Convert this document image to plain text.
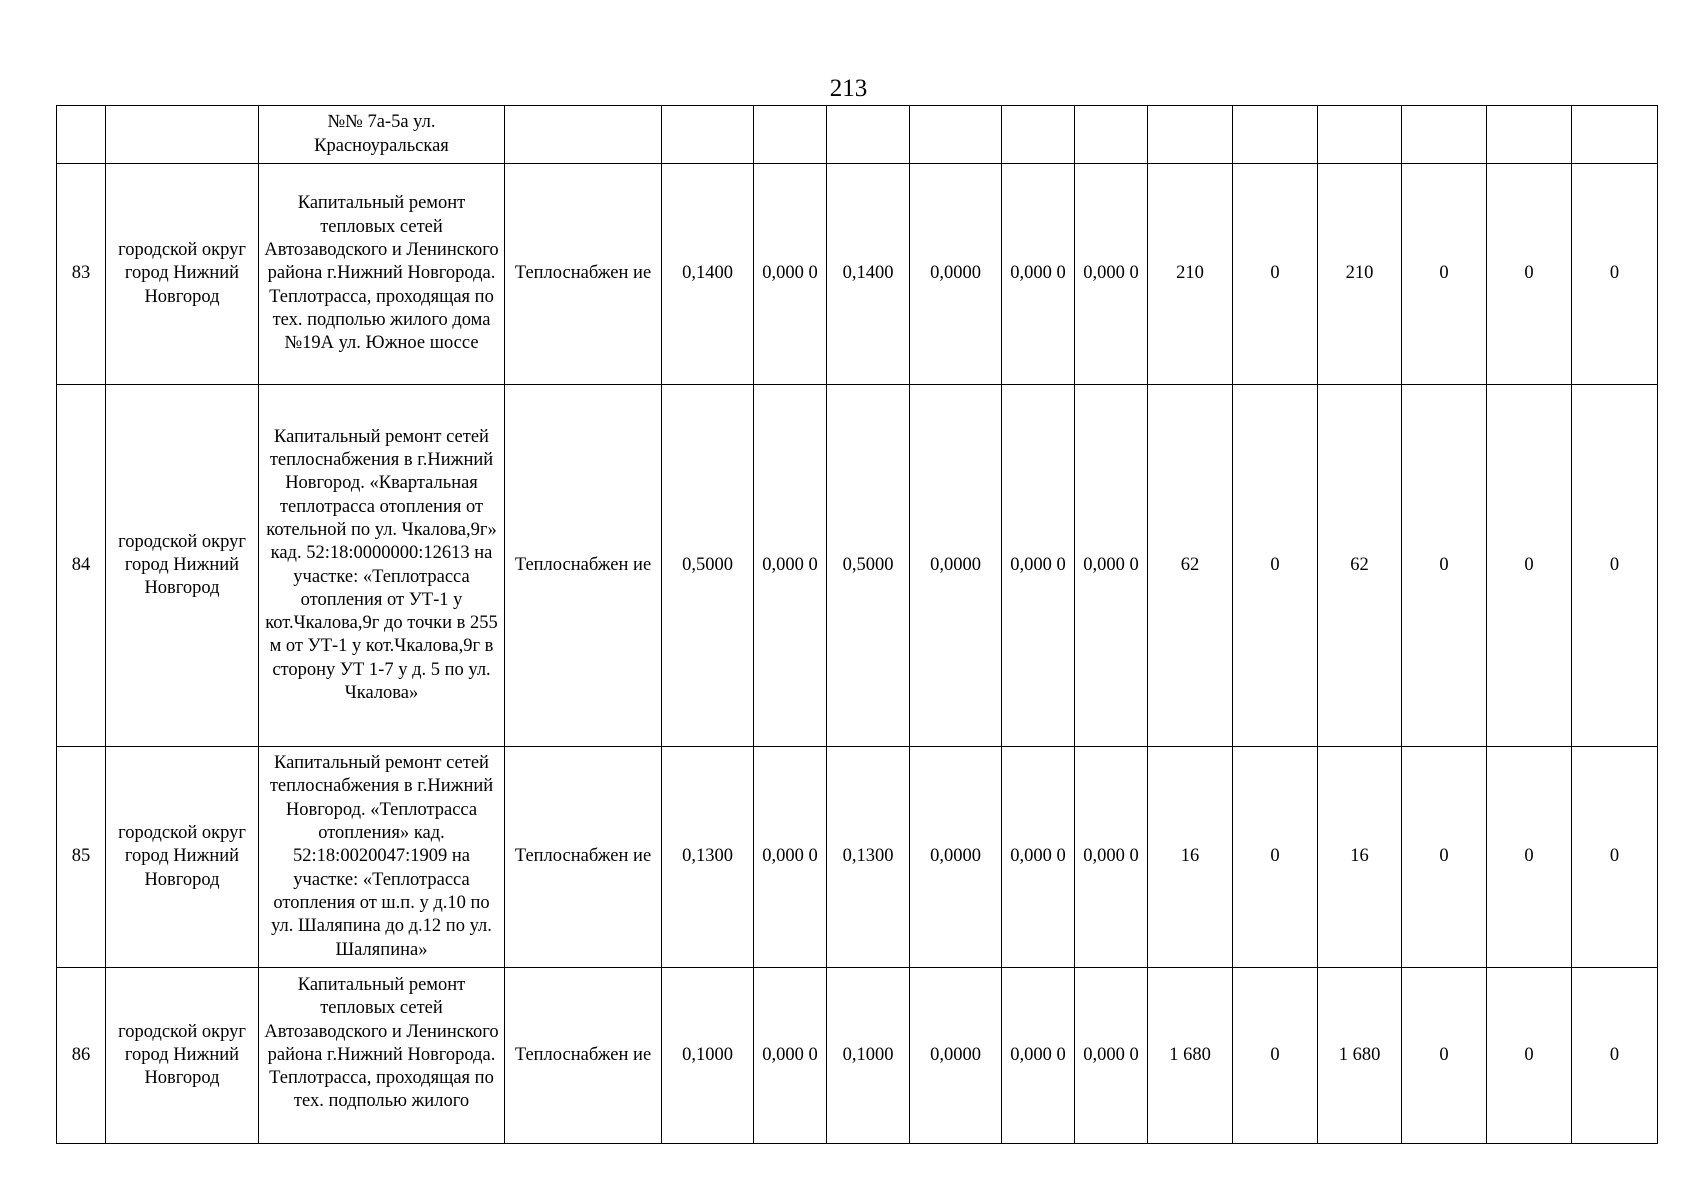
213
		№№ 7а-5а ул. Красноуральская													
83	городской округ город Нижний Новгород	Капитальный ремонт тепловых сетей Автозаводского и Ленинского района г.Нижний Новгорода. Теплотрасса, проходящая по тех. подполью жилого дома №19А ул. Южное шоссе	Теплоснабжен ие	0,1400	0,000 0	0,1400	0,0000	0,000 0	0,000 0	210	0	210	0	0	0
84	городской округ город Нижний Новгород	Капитальный ремонт сетей теплоснабжения в г.Нижний Новгород. «Квартальная теплотрасса отопления от котельной по ул. Чкалова,9г» кад. 52:18:0000000:12613 на участке: «Теплотрасса отопления от УТ-1 у кот.Чкалова,9г до точки в 255 м от УТ-1 у кот.Чкалова,9г в сторону УТ 1-7 у д. 5 по ул. Чкалова»	Теплоснабжен ие	0,5000	0,000 0	0,5000	0,0000	0,000 0	0,000 0	62	0	62	0	0	0
85	городской округ город Нижний Новгород	Капитальный ремонт сетей теплоснабжения в г.Нижний Новгород. «Теплотрасса отопления» кад. 52:18:0020047:1909 на участке: «Теплотрасса отопления от ш.п. у д.10 по ул. Шаляпина до д.12 по ул. Шаляпина»	Теплоснабжен ие	0,1300	0,000 0	0,1300	0,0000	0,000 0	0,000 0	16	0	16	0	0	0
86	городской округ город Нижний Новгород	Капитальный ремонт тепловых сетей Автозаводского и Ленинского района г.Нижний Новгорода. Теплотрасса, проходящая по тех. подполью жилого	Теплоснабжен ие	0,1000	0,000 0	0,1000	0,0000	0,000 0	0,000 0	1 680	0	1 680	0	0	0
